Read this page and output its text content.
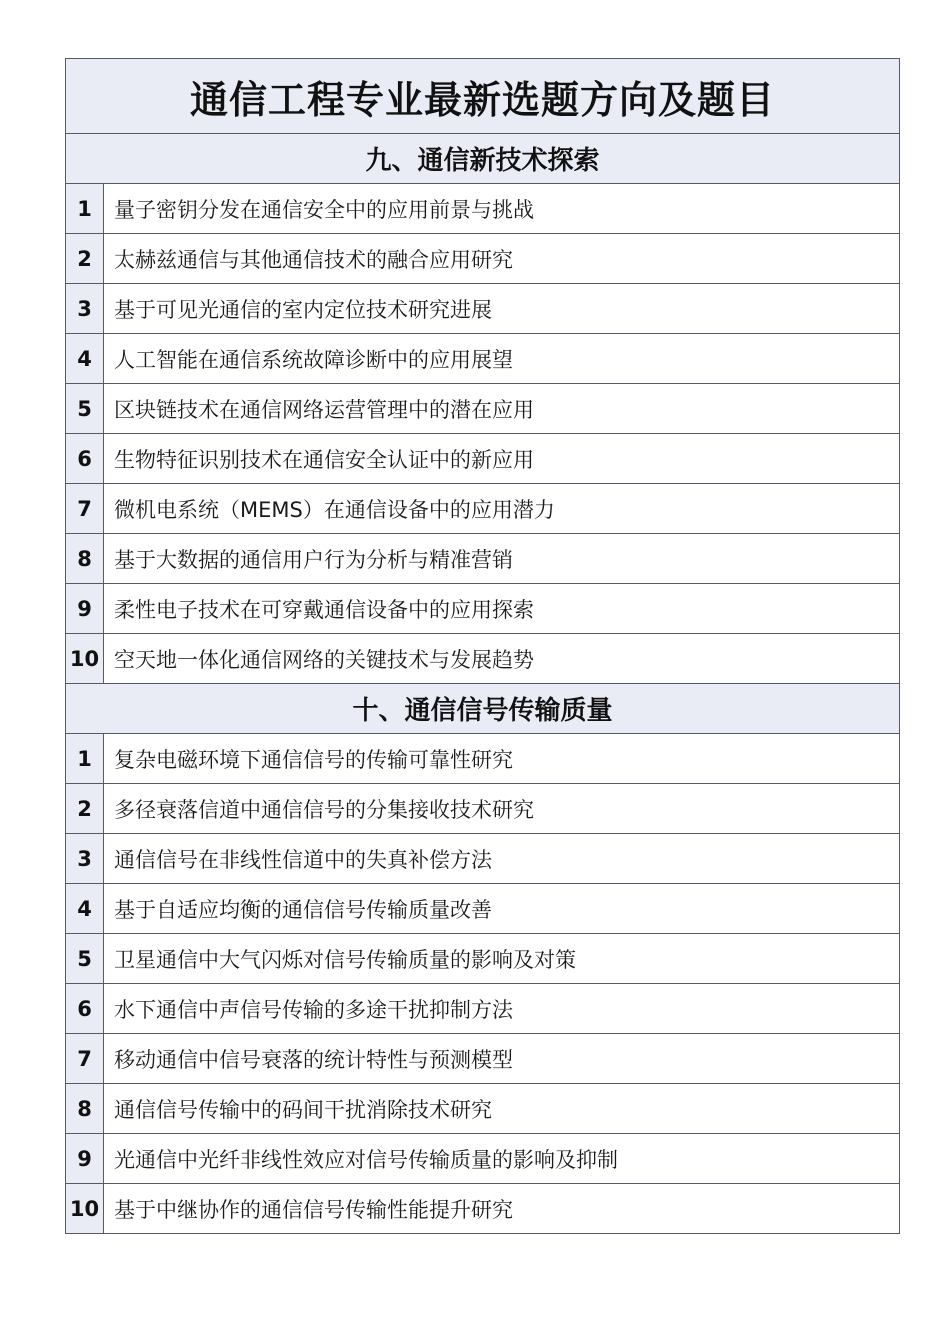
通信工程专业最新选题方向及题目
九、通信新技术探索
1	量子密钥分发在通信安全中的应用前景与挑战
2	太赫兹通信与其他通信技术的融合应用研究
3	基于可见光通信的室内定位技术研究进展
4	人工智能在通信系统故障诊断中的应用展望
5	区块链技术在通信网络运营管理中的潜在应用
6	生物特征识别技术在通信安全认证中的新应用
7	微机电系统（MEMS）在通信设备中的应用潜力
8	基于大数据的通信用户行为分析与精准营销
9	柔性电子技术在可穿戴通信设备中的应用探索
10 空天地一体化通信网络的关键技术与发展趋势
十、通信信号传输质量
1	复杂电磁环境下通信信号的传输可靠性研究
2	多径衰落信道中通信信号的分集接收技术研究
3	通信信号在非线性信道中的失真补偿方法
4	基于自适应均衡的通信信号传输质量改善
5	卫星通信中大气闪烁对信号传输质量的影响及对策
6	水下通信中声信号传输的多途干扰抑制方法
7	移动通信中信号衰落的统计特性与预测模型
8	通信信号传输中的码间干扰消除技术研究
9	光通信中光纤非线性效应对信号传输质量的影响及抑制
10 基于中继协作的通信信号传输性能提升研究
